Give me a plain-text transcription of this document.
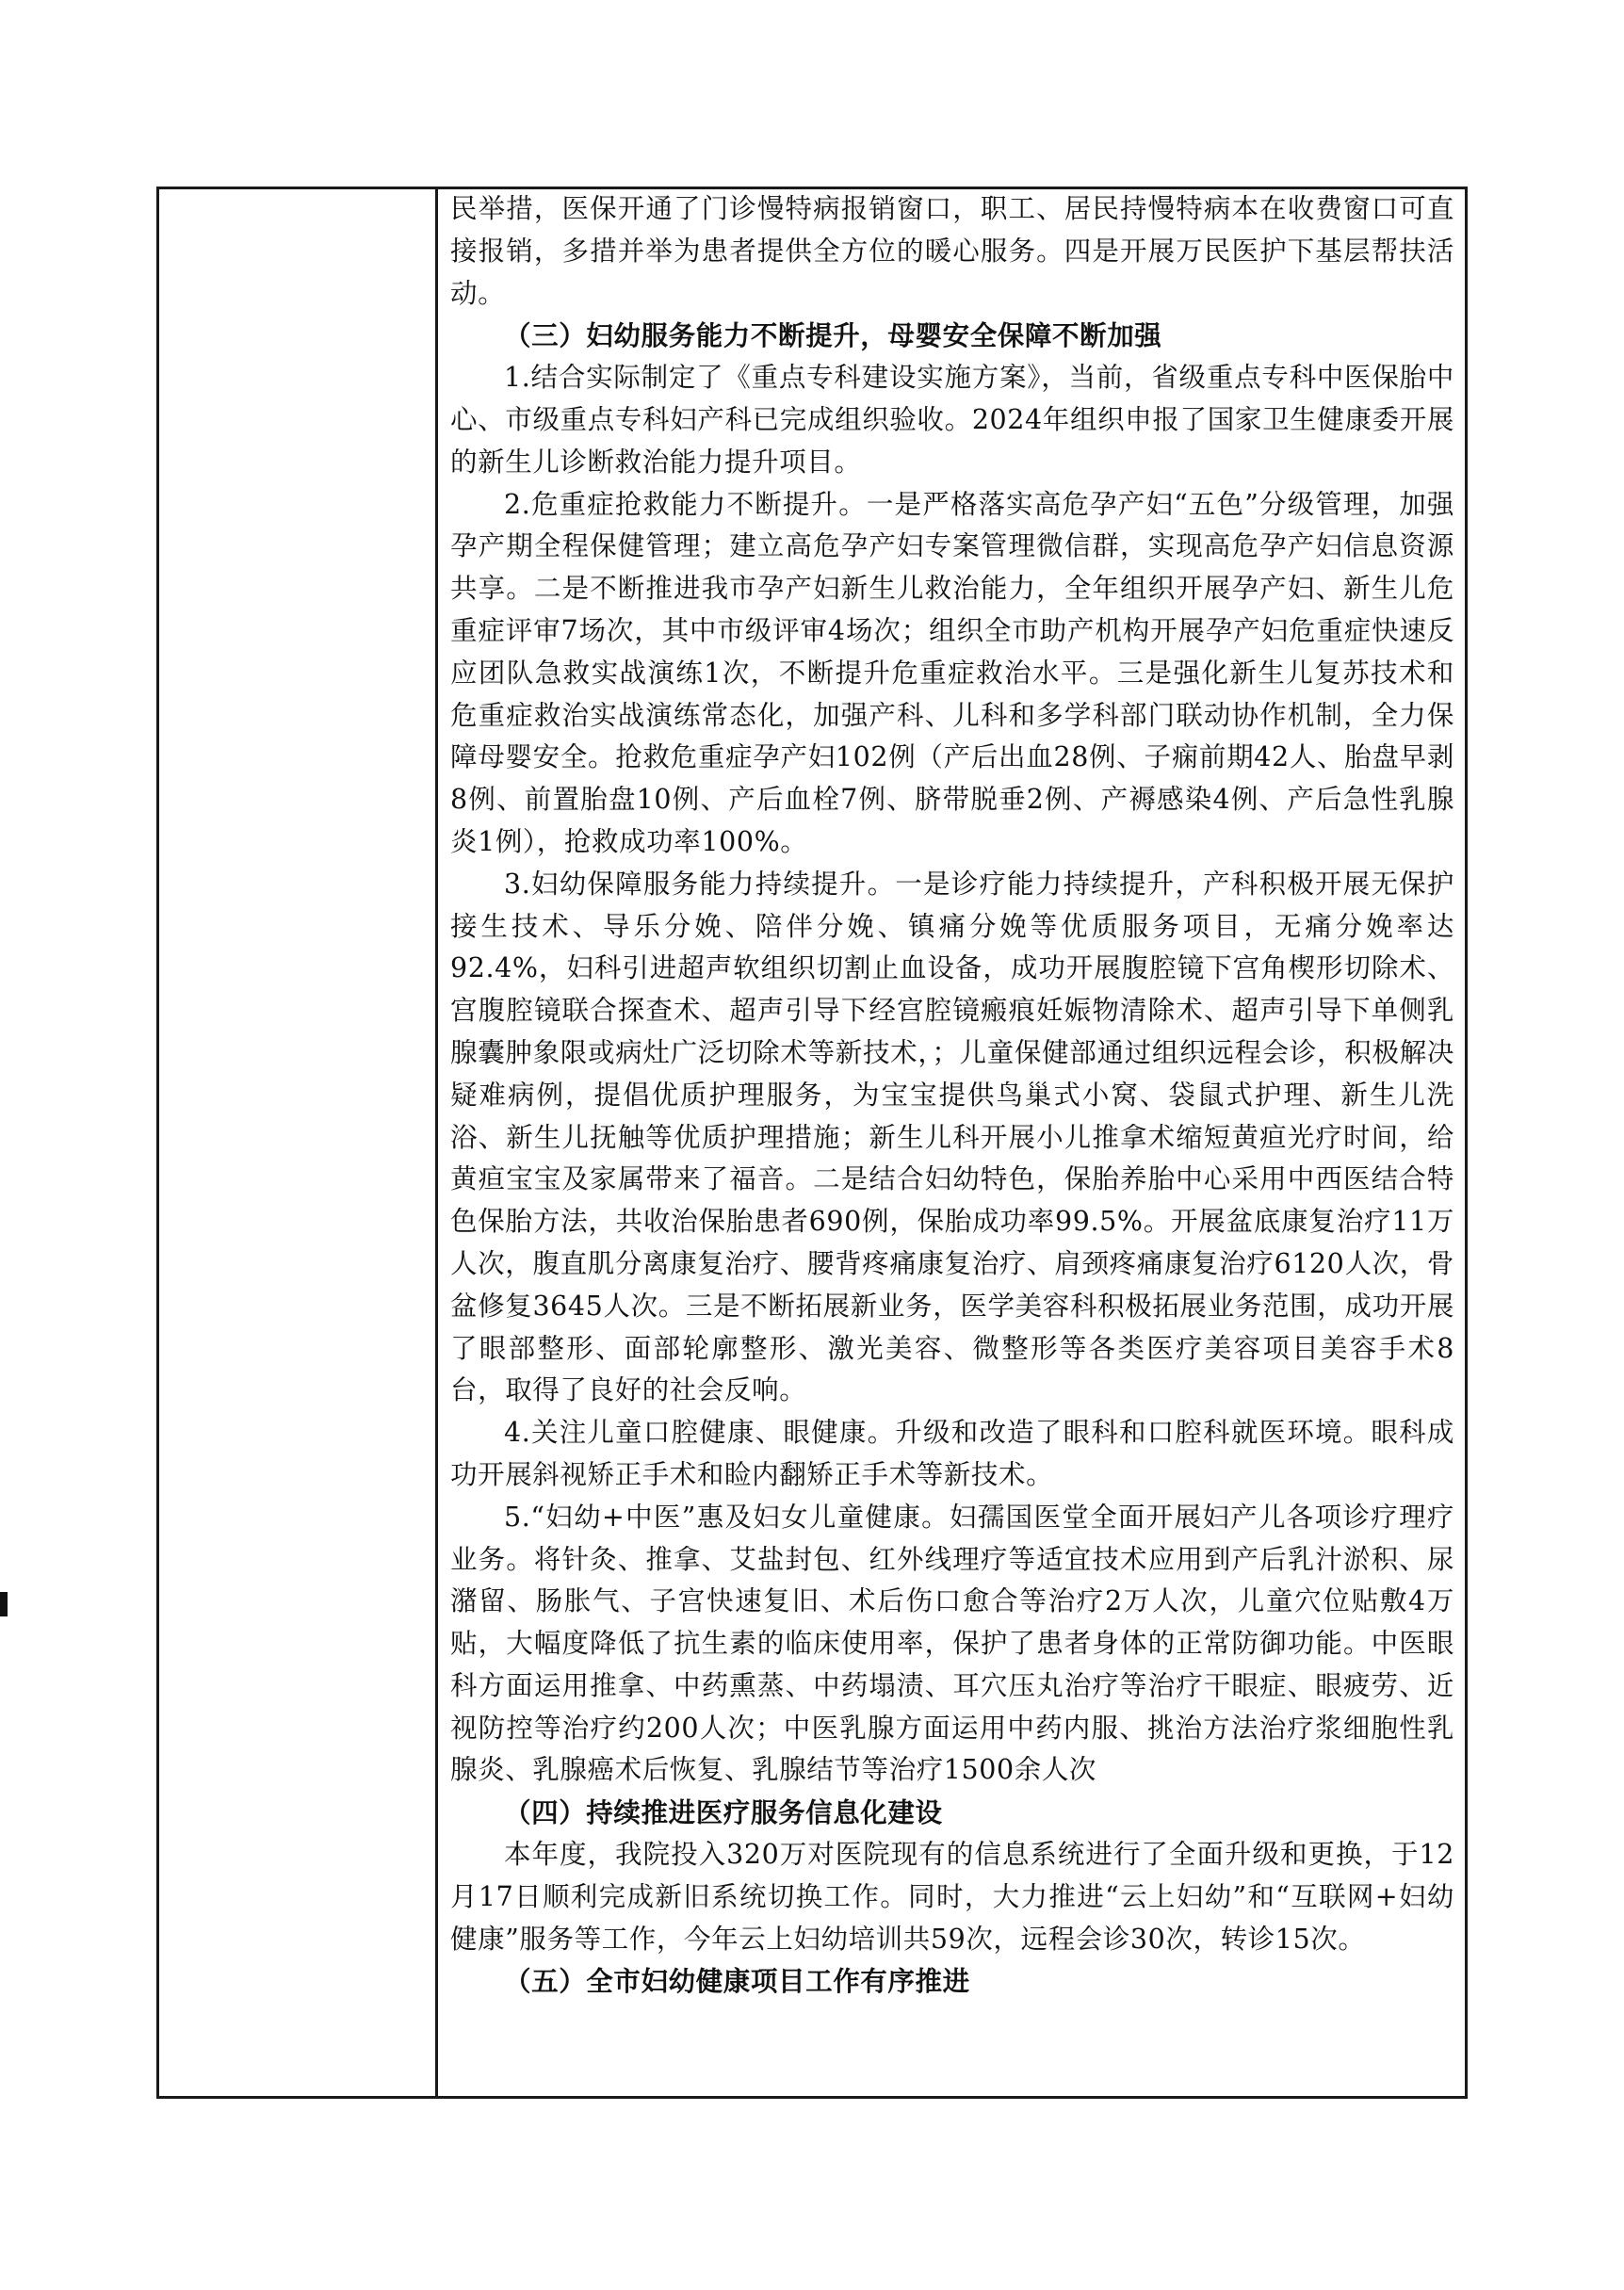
民举措，医保开通了门诊慢特病报销窗口，职工、居民持慢特病本在收费窗口可直接报销，多措并举为患者提供全方位的暖心服务。四是开展万民医护下基层帮扶活动。

（三）妇幼服务能力不断提升，母婴安全保障不断加强

1.结合实际制定了《重点专科建设实施方案》，当前，省级重点专科中医保胎中心、市级重点专科妇产科已完成组织验收。2024年组织申报了国家卫生健康委开展的新生儿诊断救治能力提升项目。

2.危重症抢救能力不断提升。一是严格落实高危孕产妇“五色”分级管理，加强孕产期全程保健管理；建立高危孕产妇专案管理微信群，实现高危孕产妇信息资源共享。二是不断推进我市孕产妇新生儿救治能力，全年组织开展孕产妇、新生儿危重症评审7场次，其中市级评审4场次；组织全市助产机构开展孕产妇危重症快速反应团队急救实战演练1次，不断提升危重症救治水平。三是强化新生儿复苏技术和危重症救治实战演练常态化，加强产科、儿科和多学科部门联动协作机制，全力保障母婴安全。抢救危重症孕产妇102例（产后出血28例、子痫前期42人、胎盘早剥8例、前置胎盘10例、产后血栓7例、脐带脱垂2例、产褥感染4例、产后急性乳腺炎1例），抢救成功率100%。

3.妇幼保障服务能力持续提升。一是诊疗能力持续提升，产科积极开展无保护接生技术、导乐分娩、陪伴分娩、镇痛分娩等优质服务项目，无痛分娩率达92.4%，妇科引进超声软组织切割止血设备，成功开展腹腔镜下宫角楔形切除术、宫腹腔镜联合探查术、超声引导下经宫腔镜瘢痕妊娠物清除术、超声引导下单侧乳腺囊肿象限或病灶广泛切除术等新技术，；儿童保健部通过组织远程会诊，积极解决疑难病例，提倡优质护理服务，为宝宝提供鸟巢式小窝、袋鼠式护理、新生儿洗浴、新生儿抚触等优质护理措施；新生儿科开展小儿推拿术缩短黄疸光疗时间，给黄疸宝宝及家属带来了福音。二是结合妇幼特色，保胎养胎中心采用中西医结合特色保胎方法，共收治保胎患者690例，保胎成功率99.5%。开展盆底康复治疗11万人次，腹直肌分离康复治疗、腰背疼痛康复治疗、肩颈疼痛康复治疗6120人次，骨盆修复3645人次。三是不断拓展新业务，医学美容科积极拓展业务范围，成功开展了眼部整形、面部轮廓整形、激光美容、微整形等各类医疗美容项目美容手术8台，取得了良好的社会反响。

4.关注儿童口腔健康、眼健康。升级和改造了眼科和口腔科就医环境。眼科成功开展斜视矫正手术和睑内翻矫正手术等新技术。

5.“妇幼+中医”惠及妇女儿童健康。妇孺国医堂全面开展妇产儿各项诊疗理疗业务。将针灸、推拿、艾盐封包、红外线理疗等适宜技术应用到产后乳汁淤积、尿潴留、肠胀气、子宫快速复旧、术后伤口愈合等治疗2万人次，儿童穴位贴敷4万贴，大幅度降低了抗生素的临床使用率，保护了患者身体的正常防御功能。中医眼科方面运用推拿、中药熏蒸、中药塌渍、耳穴压丸治疗等治疗干眼症、眼疲劳、近视防控等治疗约200人次；中医乳腺方面运用中药内服、挑治方法治疗浆细胞性乳腺炎、乳腺癌术后恢复、乳腺结节等治疗1500余人次

（四）持续推进医疗服务信息化建设

本年度，我院投入320万对医院现有的信息系统进行了全面升级和更换，于12月17日顺利完成新旧系统切换工作。同时，大力推进“云上妇幼”和“互联网+妇幼健康”服务等工作，今年云上妇幼培训共59次，远程会诊30次，转诊15次。

（五）全市妇幼健康项目工作有序推进
